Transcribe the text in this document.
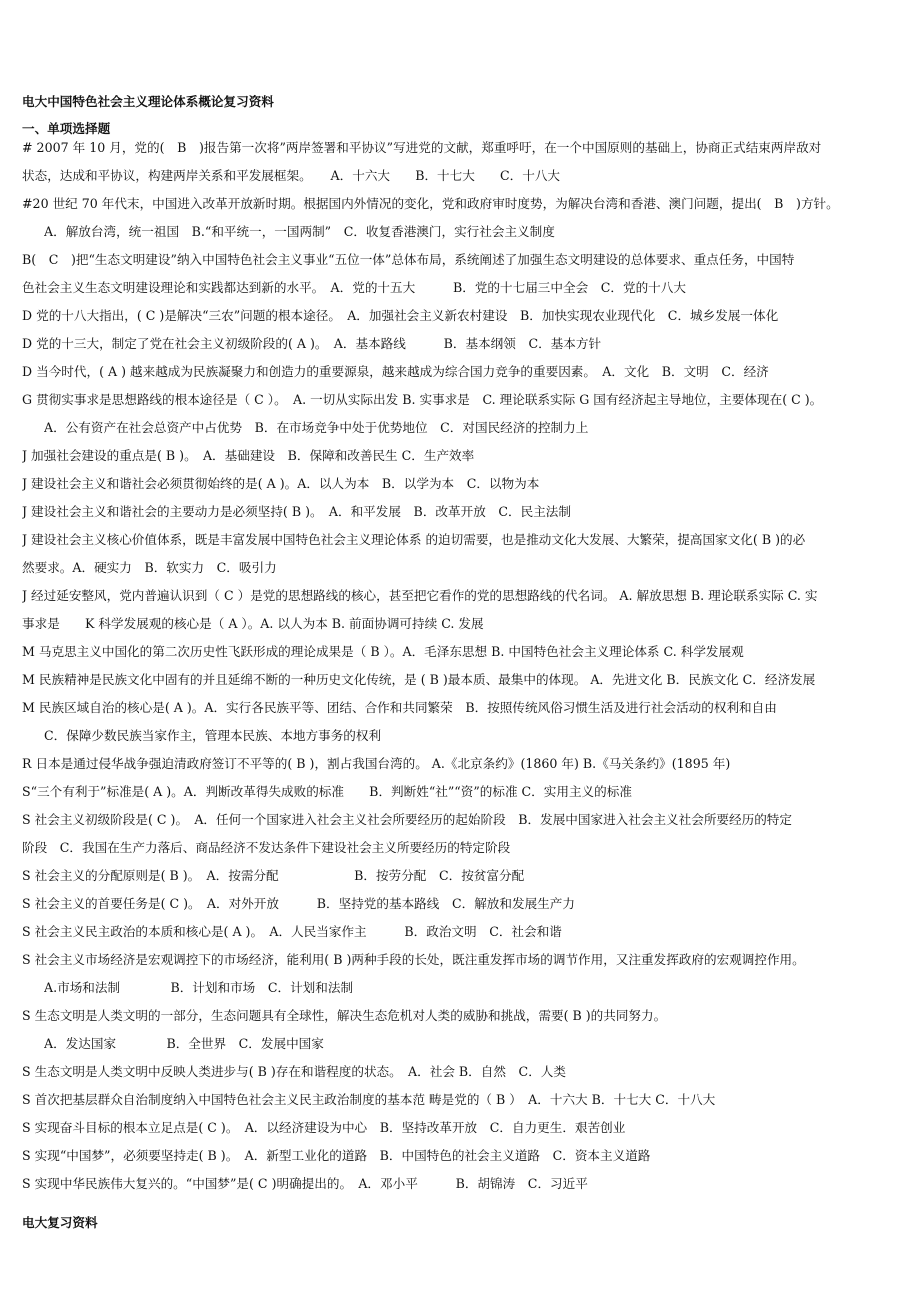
电大中国特色社会主义理论体系概论复习资料
一、单项选择题
# 2007 年 10 月，党的(　B　)报告第一次将”两岸签署和平协议”写进党的文献，郑重呼吁，在一个中国原则的基础上，协商正式结束两岸敌对
状态，达成和平协议，构建两岸关系和平发展框架。　　A．十六大　　B．十七大　　C．十八大
#20 世纪 70 年代末，中国进入改革开放新时期。根据国内外情况的变化，党和政府审时度势，为解决台湾和香港、澳门问题，提出(　B　)方针。
A．解放台湾，统一祖国　B.“和平统一，一国两制”　C．收复香港澳门，实行社会主义制度
B(　C　)把“生态文明建设”纳入中国特色社会主义事业“五位一体”总体布局，系统阐述了加强生态文明建设的总体要求、重点任务，中国特
色社会主义生态文明建设理论和实践都达到新的水平。　A．党的十五大　　　B．党的十七届三中全会　C．党的十八大
D 党的十八大指出，( C )是解决“三农”问题的根本途径。　A．加强社会主义新农村建设　B．加快实现农业现代化　C．城乡发展一体化
D 党的十三大，制定了党在社会主义初级阶段的( A )。　A．基本路线　　　B．基本纲领　C．基本方针
D 当今时代，( A ) 越来越成为民族凝聚力和创造力的重要源泉，越来越成为综合国力竞争的重要因素。　A．文化　B．文明　C．经济
G 贯彻实事求是思想路线的根本途径是（ C ）。　A. 一切从实际出发 B. 实事求是　C. 理论联系实际 G 国有经济起主导地位，主要体现在( C )。
A．公有资产在社会总资产中占优势　B．在市场竞争中处于优势地位　C．对国民经济的控制力上
J 加强社会建设的重点是( B )。　A．基础建设　B．保障和改善民生 C．生产效率
J 建设社会主义和谐社会必须贯彻始终的是( A )。A．以人为本　B．以学为本　C．以物为本
J 建设社会主义和谐社会的主要动力是必须坚持( B )。　A．和平发展　B．改革开放　C．民主法制
J 建设社会主义核心价值体系，既是丰富发展中国特色社会主义理论体系 的迫切需要，也是推动文化大发展、大繁荣，提高国家文化( B )的必
然要求。A．硬实力　B．软实力　C．吸引力
J 经过延安整风，党内普遍认识到（ C ）是党的思想路线的核心，甚至把它看作的党的思想路线的代名词。 A. 解放思想 B. 理论联系实际 C. 实
事求是　　K 科学发展观的核心是（ A ）。A. 以人为本 B. 前面协调可持续 C. 发展
M 马克思主义中国化的第二次历史性飞跃形成的理论成果是（ B ）。A．毛泽东思想 B. 中国特色社会主义理论体系 C. 科学发展观
M 民族精神是民族文化中固有的并且延绵不断的一种历史文化传统，是 ( B )最本质、最集中的体现。 A．先进文化 B．民族文化 C．经济发展
M 民族区域自治的核心是( A )。A．实行各民族平等、团结、合作和共同繁荣　B．按照传统风俗习惯生活及进行社会活动的权利和自由
C．保障少数民族当家作主，管理本民族、本地方事务的权利
R 日本是通过侵华战争强迫清政府签订不平等的( B )，割占我国台湾的。 A.《北京条约》(1860 年) B.《马关条约》(1895 年)
S“三个有利于”标准是( A )。A．判断改革得失成败的标准　　B．判断姓“社”“资”的标准 C．实用主义的标准
S 社会主义初级阶段是( C )。　A．任何一个国家进入社会主义社会所要经历的起始阶段　B．发展中国家进入社会主义社会所要经历的特定
阶段　C．我国在生产力落后、商品经济不发达条件下建设社会主义所要经历的特定阶段
S 社会主义的分配原则是( B )。　A．按需分配　　　　　　B．按劳分配　C．按贫富分配
S 社会主义的首要任务是( C )。　A．对外开放　　　B．坚持党的基本路线　C．解放和发展生产力
S 社会主义民主政治的本质和核心是( A )。　A．人民当家作主　　　B．政治文明　C．社会和谐
S 社会主义市场经济是宏观调控下的市场经济，能利用( B )两种手段的长处，既注重发挥市场的调节作用，又注重发挥政府的宏观调控作用。
A.市场和法制　　　　B．计划和市场　C．计划和法制
S 生态文明是人类文明的一部分，生态问题具有全球性，解决生态危机对人类的威胁和挑战，需要( B )的共同努力。
A．发达国家　　　　B．全世界　C．发展中国家
S 生态文明是人类文明中反映人类进步与( B )存在和谐程度的状态。　A．社会 B．自然　C．人类
S 首次把基层群众自治制度纳入中国特色社会主义民主政治制度的基本范 畴是党的（ B ）　A．十六大 B．十七大 C．十八大
S 实现奋斗目标的根本立足点是( C )。　A．以经济建设为中心　B．坚持改革开放　C．自力更生．艰苦创业
S 实现“中国梦”，必须要坚持走( B )。　A．新型工业化的道路　B．中国特色的社会主义道路　C．资本主义道路
S 实现中华民族伟大复兴的。“中国梦”是( C )明确提出的。　A．邓小平　　　B．胡锦涛　C．习近平
电大复习资料
